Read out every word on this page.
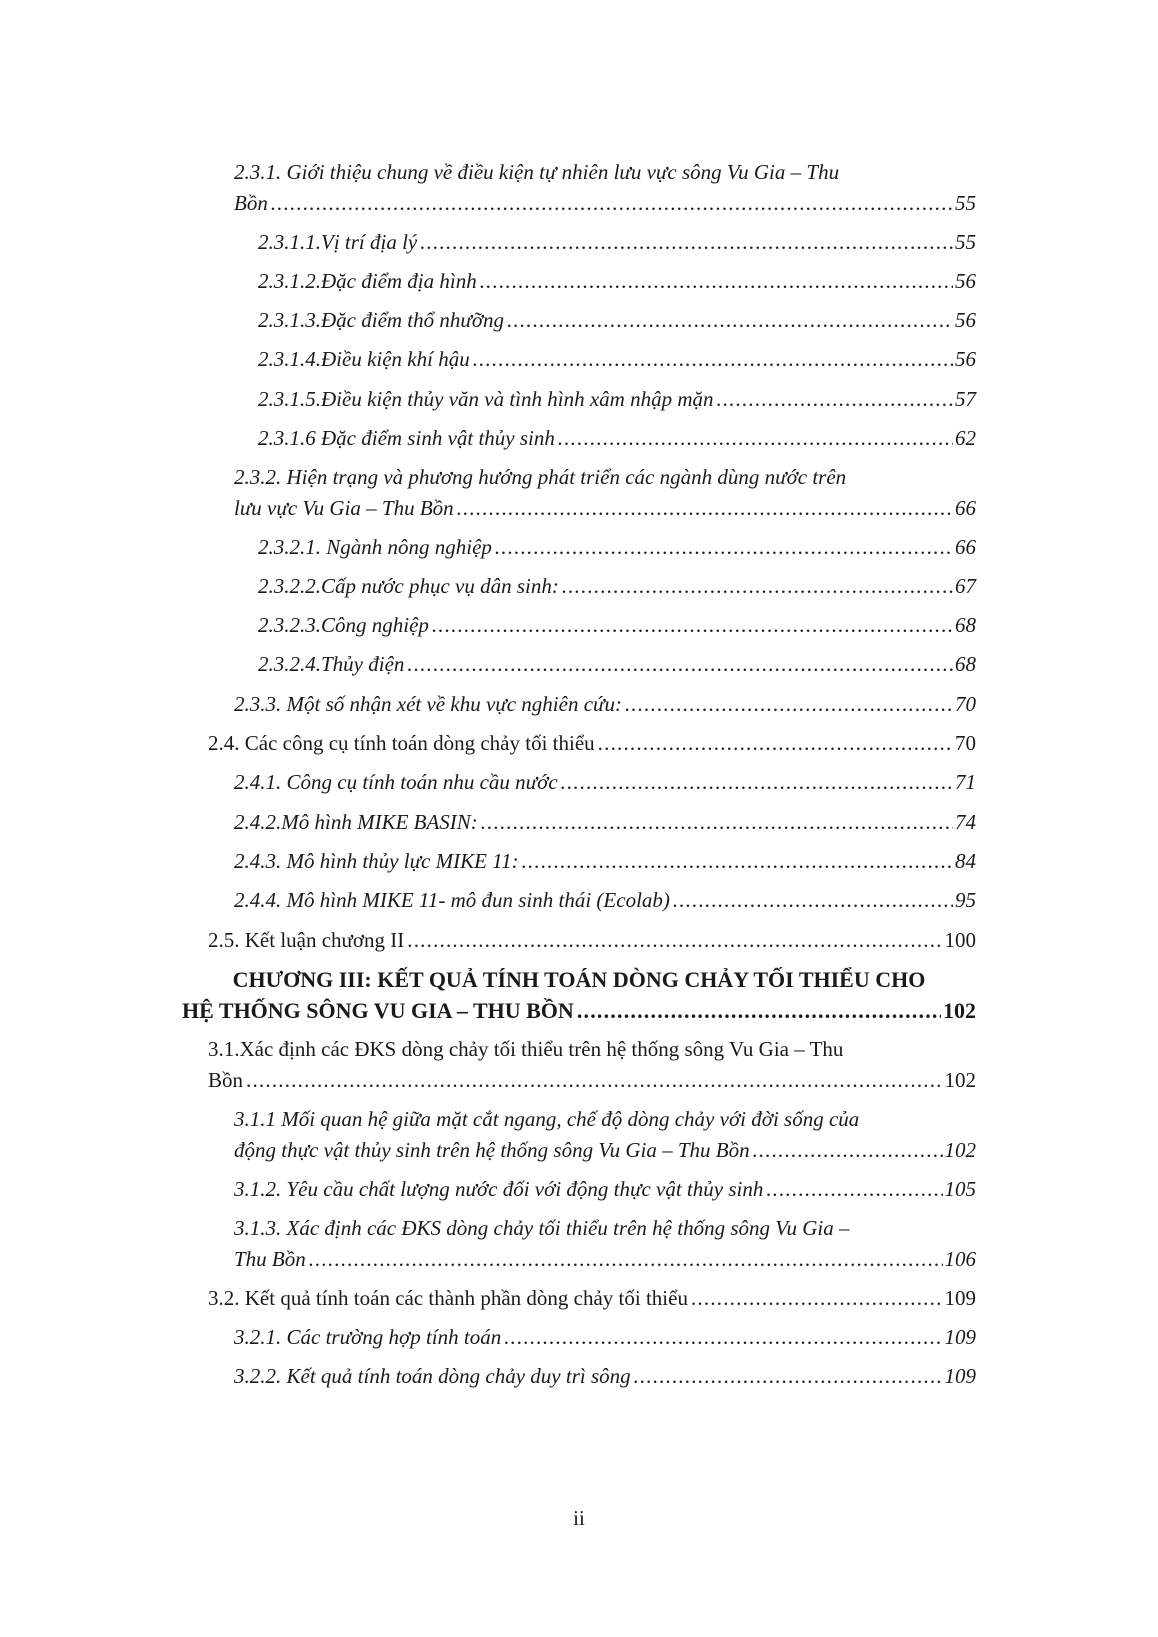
2.3.1. Giới thiệu chung về điều kiện tự nhiên lưu vực sông Vu Gia – Thu
Bồn .....	55
2.3.1.1.Vị trí địa lý .....	55
2.3.1.2.Đặc điểm địa hình .....	56
2.3.1.3.Đặc điểm thổ nhưỡng .....	56
2.3.1.4.Điều kiện khí hậu .....	56
2.3.1.5.Điều kiện thủy văn và tình hình xâm nhập mặn .....	57
2.3.1.6 Đặc điểm sinh vật thủy sinh .....	62
2.3.2. Hiện trạng và phương hướng phát triển các ngành dùng nước trên
lưu vực Vu Gia – Thu Bồn .....	66
2.3.2.1. Ngành nông nghiệp .....	66
2.3.2.2.Cấp nước phục vụ dân sinh: .....	67
2.3.2.3.Công nghiệp .....	68
2.3.2.4.Thủy điện .....	68
2.3.3. Một số nhận xét về khu vực nghiên cứu: .....	70
2.4. Các công cụ tính toán dòng chảy tối thiểu .....	70
2.4.1. Công cụ tính toán nhu cầu nước .....	71
2.4.2.Mô hình MIKE BASIN: .....	74
2.4.3. Mô hình thủy lực MIKE 11: .....	84
2.4.4. Mô hình MIKE 11- mô đun sinh thái (Ecolab) .....	95
2.5. Kết luận chương II .....	100
CHƯƠNG III: KẾT QUẢ TÍNH TOÁN DÒNG CHẢY TỐI THIỂU CHO
HỆ THỐNG SÔNG VU GIA – THU BỒN .....	102
3.1.Xác định các ĐKS dòng chảy tối thiểu trên hệ thống sông Vu Gia – Thu
Bồn .....	102
3.1.1 Mối quan hệ giữa mặt cắt ngang, chế độ dòng chảy với đời sống của
động thực vật thủy sinh trên hệ thống sông Vu Gia – Thu Bồn .....	102
3.1.2. Yêu cầu chất lượng nước đối với động thực vật thủy sinh .....	105
3.1.3. Xác định các ĐKS dòng chảy tối thiểu trên hệ thống sông Vu Gia –
Thu Bồn .....	106
3.2. Kết quả tính toán các thành phần dòng chảy tối thiểu .....	109
3.2.1. Các trường hợp tính toán .....	109
3.2.2. Kết quả tính toán dòng chảy duy trì sông .....	109
ii
